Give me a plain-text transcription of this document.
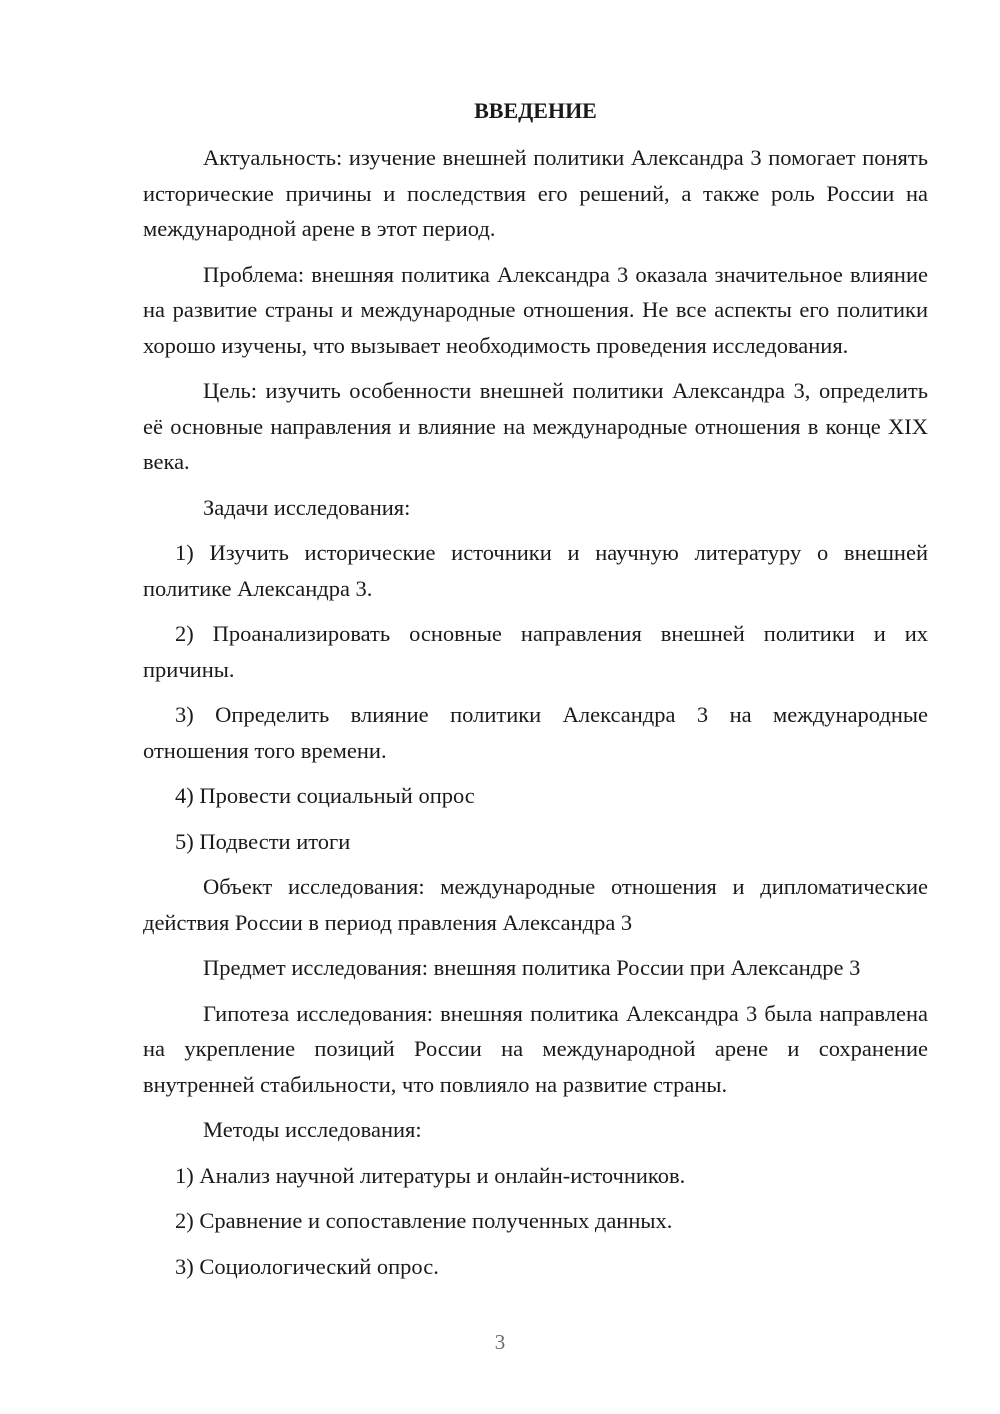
ВВЕДЕНИЕ

Актуальность: изучение внешней политики Александра 3 помогает понять исторические причины и последствия его решений, а также роль России на международной арене в этот период.

Проблема: внешняя политика Александра 3 оказала значительное влияние на развитие страны и международные отношения. Не все аспекты его политики хорошо изучены, что вызывает необходимость проведения исследования.

Цель: изучить особенности внешней политики Александра 3, определить её основные направления и влияние на международные отношения в конце XIX века.

Задачи исследования:

1) Изучить исторические источники и научную литературу о внешней политике Александра 3.

2) Проанализировать основные направления внешней политики и их причины.

3) Определить влияние политики Александра 3 на международные отношения того времени.

4) Провести социальный опрос

5) Подвести итоги

Объект исследования: международные отношения и дипломатические действия России в период правления Александра 3

Предмет исследования: внешняя политика России при Александре 3

Гипотеза исследования: внешняя политика Александра 3 была направлена на укрепление позиций России на международной арене и сохранение внутренней стабильности, что повлияло на развитие страны.

Методы исследования:

1) Анализ научной литературы и онлайн-источников.

2) Сравнение и сопоставление полученных данных.

3) Социологический опрос.

3
